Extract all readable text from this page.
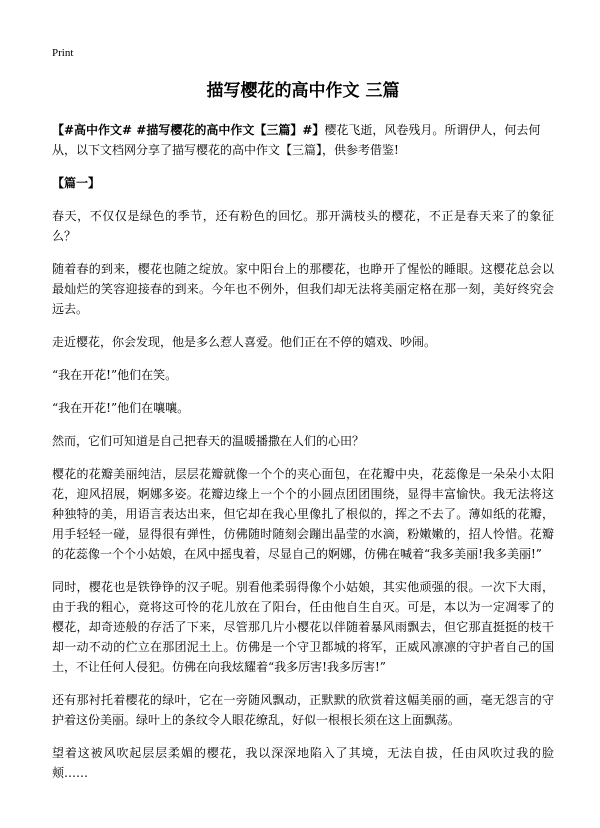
Print
描写樱花的高中作文 三篇
【#高中作文# #描写樱花的高中作文【三篇】#】樱花飞逝，风卷残月。所谓伊人，何去何从，以下文档网分享了描写樱花的高中作文【三篇】，供参考借鉴!
【篇一】

春天，不仅仅是绿色的季节，还有粉色的回忆。那开满枝头的樱花，不正是春天来了的象征么？

随着春的到来，樱花也随之绽放。家中阳台上的那樱花，也睁开了惺忪的睡眼。这樱花总会以最灿烂的笑容迎接春的到来。今年也不例外，但我们却无法将美丽定格在那一刻，美好终究会远去。

走近樱花，你会发现，他是多么惹人喜爱。他们正在不停的嬉戏、吵闹。

“我在开花!”他们在笑。

“我在开花!”他们在嚷嚷。

然而，它们可知道是自己把春天的温暖播撒在人们的心田？

樱花的花瓣美丽纯洁，层层花瓣就像一个个的夹心面包，在花瓣中央，花蕊像是一朵朵小太阳花，迎风招展，婀娜多姿。花瓣边缘上一个个的小圆点团团围绕，显得丰富愉快。我无法将这种独特的美，用语言表达出来，但它却在我心里像扎了根似的，挥之不去了。薄如纸的花瓣，用手轻轻一碰，显得很有弹性，仿佛随时随刻会蹦出晶莹的水滴，粉嫩嫩的，招人怜惜。花瓣的花蕊像一个个小姑娘，在风中摇曳着，尽显自己的婀娜，仿佛在喊着“我多美丽!我多美丽!”

同时，樱花也是铁铮铮的汉子呢。别看他柔弱得像个小姑娘，其实他顽强的很。一次下大雨，由于我的粗心，竟将这可怜的花儿放在了阳台，任由他自生自灭。可是，本以为一定凋零了的樱花，却奇迹般的存活了下来，尽管那几片小樱花以伴随着暴风雨飘去，但它那直挺挺的枝干却一动不动的伫立在那团泥土上。仿佛是一个守卫都城的将军，正威风凛凛的守护者自己的国土，不让任何人侵犯。仿佛在向我炫耀着“我多厉害!我多厉害!”

还有那衬托着樱花的绿叶，它在一旁随风飘动，正默默的欣赏着这幅美丽的画，毫无怨言的守护着这份美丽。绿叶上的条纹令人眼花缭乱，好似一根根长须在这上面飘荡。

望着这被风吹起层层柔媚的樱花，我以深深地陷入了其境，无法自拔，任由风吹过我的脸颊……
